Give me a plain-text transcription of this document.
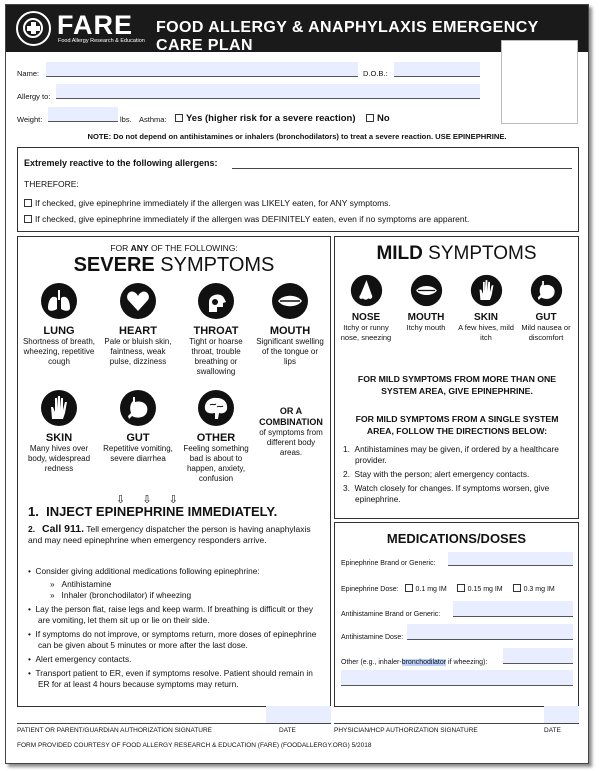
FARE
Food Allergy Research & Education
FOOD ALLERGY & ANAPHYLAXIS EMERGENCY CARE PLAN
Name:	D.O.B.:
Allergy to:
Weight:	lbs. Asthma:	Yes (higher risk for a severe reaction)	No
NOTE: Do not depend on antihistamines or inhalers (bronchodilators) to treat a severe reaction. USE EPINEPHRINE.
Extremely reactive to the following allergens:
THEREFORE:
If checked, give epinephrine immediately if the allergen was LIKELY eaten, for ANY symptoms.
If checked, give epinephrine immediately if the allergen was DEFINITELY eaten, even if no symptoms are apparent.
FOR ANY OF THE FOLLOWING:
SEVERE SYMPTOMS
LUNG
Shortness of breath, wheezing, repetitive cough
HEART
Pale or bluish skin, faintness, weak pulse, dizziness
THROAT
Tight or hoarse throat, trouble breathing or swallowing
MOUTH
Significant swelling of the tongue or lips
SKIN
Many hives over body, widespread redness
GUT
Repetitive vomiting, severe diarrhea
OTHER
Feeling something bad is about to happen, anxiety, confusion
OR A COMBINATION
of symptoms from different body areas.
⇩   ⇩   ⇩
1.  INJECT EPINEPHRINE IMMEDIATELY.
2. Call 911. Tell emergency dispatcher the person is having anaphylaxis and may need epinephrine when emergency responders arrive.
•  Consider giving additional medications following epinephrine:
»   Antihistamine
»   Inhaler (bronchodilator) if wheezing
•  Lay the person flat, raise legs and keep warm. If breathing is difficult or they are vomiting, let them sit up or lie on their side.
•  If symptoms do not improve, or symptoms return, more doses of epinephrine can be given about 5 minutes or more after the last dose.
•  Alert emergency contacts.
•  Transport patient to ER, even if symptoms resolve. Patient should remain in ER for at least 4 hours because symptoms may return.
MILD SYMPTOMS
NOSE
Itchy or runny nose, sneezing
MOUTH
Itchy mouth
SKIN
A few hives, mild itch
GUT
Mild nausea or discomfort
FOR MILD SYMPTOMS FROM MORE THAN ONE SYSTEM AREA, GIVE EPINEPHRINE.
FOR MILD SYMPTOMS FROM A SINGLE SYSTEM AREA, FOLLOW THE DIRECTIONS BELOW:
1.  Antihistamines may be given, if ordered by a healthcare provider.
2.  Stay with the person; alert emergency contacts.
3.  Watch closely for changes. If symptoms worsen, give epinephrine.
MEDICATIONS/DOSES
Epinephrine Brand or Generic:
Epinephrine Dose: 0.1 mg IM	0.15 mg IM	0.3 mg IM
Antihistamine Brand or Generic:
Antihistamine Dose:
Other (e.g., inhaler-bronchodilator if wheezing):
PATIENT OR PARENT/GUARDIAN AUTHORIZATION SIGNATURE	DATE	PHYSICIAN/HCP AUTHORIZATION SIGNATURE	DATE
FORM PROVIDED COURTESY OF FOOD ALLERGY RESEARCH & EDUCATION (FARE) (FOODALLERGY.ORG) 5/2018
